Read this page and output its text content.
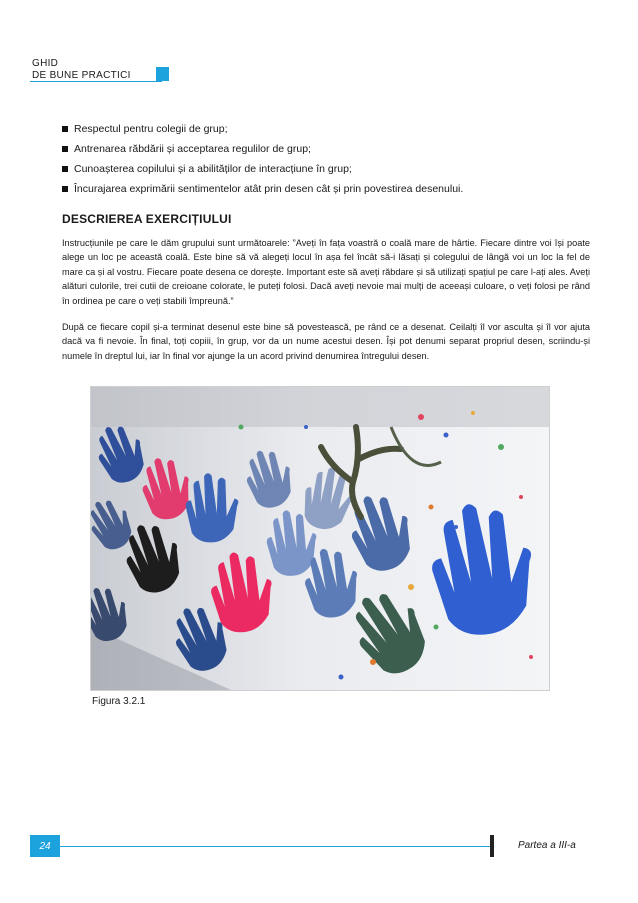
GHID
DE BUNE PRACTICI
Respectul pentru colegii de grup;
Antrenarea răbdării și acceptarea regulilor de grup;
Cunoașterea copilului și a abilităților de interacțiune în grup;
Încurajarea exprimării sentimentelor atât prin desen cât și prin povestirea desenului.
DESCRIEREA EXERCIȚIULUI

Instrucțiunile pe care le dăm grupului sunt următoarele: ”Aveți în fața voastră o coală mare de hârtie. Fiecare dintre voi își poate alege un loc pe această coală. Este bine să vă alegeți locul în așa fel încât să-i lăsați și colegului de lângă voi un loc la fel de mare ca și al vostru. Fiecare poate desena ce dorește. Important este să aveți răbdare și să utilizați spațiul pe care l-ați ales. Aveți alături culorile, trei cutii de creioane colorate, le puteți folosi. Dacă aveți nevoie mai mulți de aceeași culoare, o veți folosi pe rând în ordinea pe care o veți stabili împreună.”

După ce fiecare copil și-a terminat desenul este bine să povestească, pe rând ce a desenat. Ceilalți îl vor asculta și îl vor ajuta dacă va fi nevoie. În final, toți copiii, în grup, vor da un nume acestui desen. Își pot denumi separat propriul desen, scriindu-și numele în dreptul lui, iar în final vor ajunge la un acord privind denumirea întregului desen.

Figura 3.2.1
24	Partea a III-a
